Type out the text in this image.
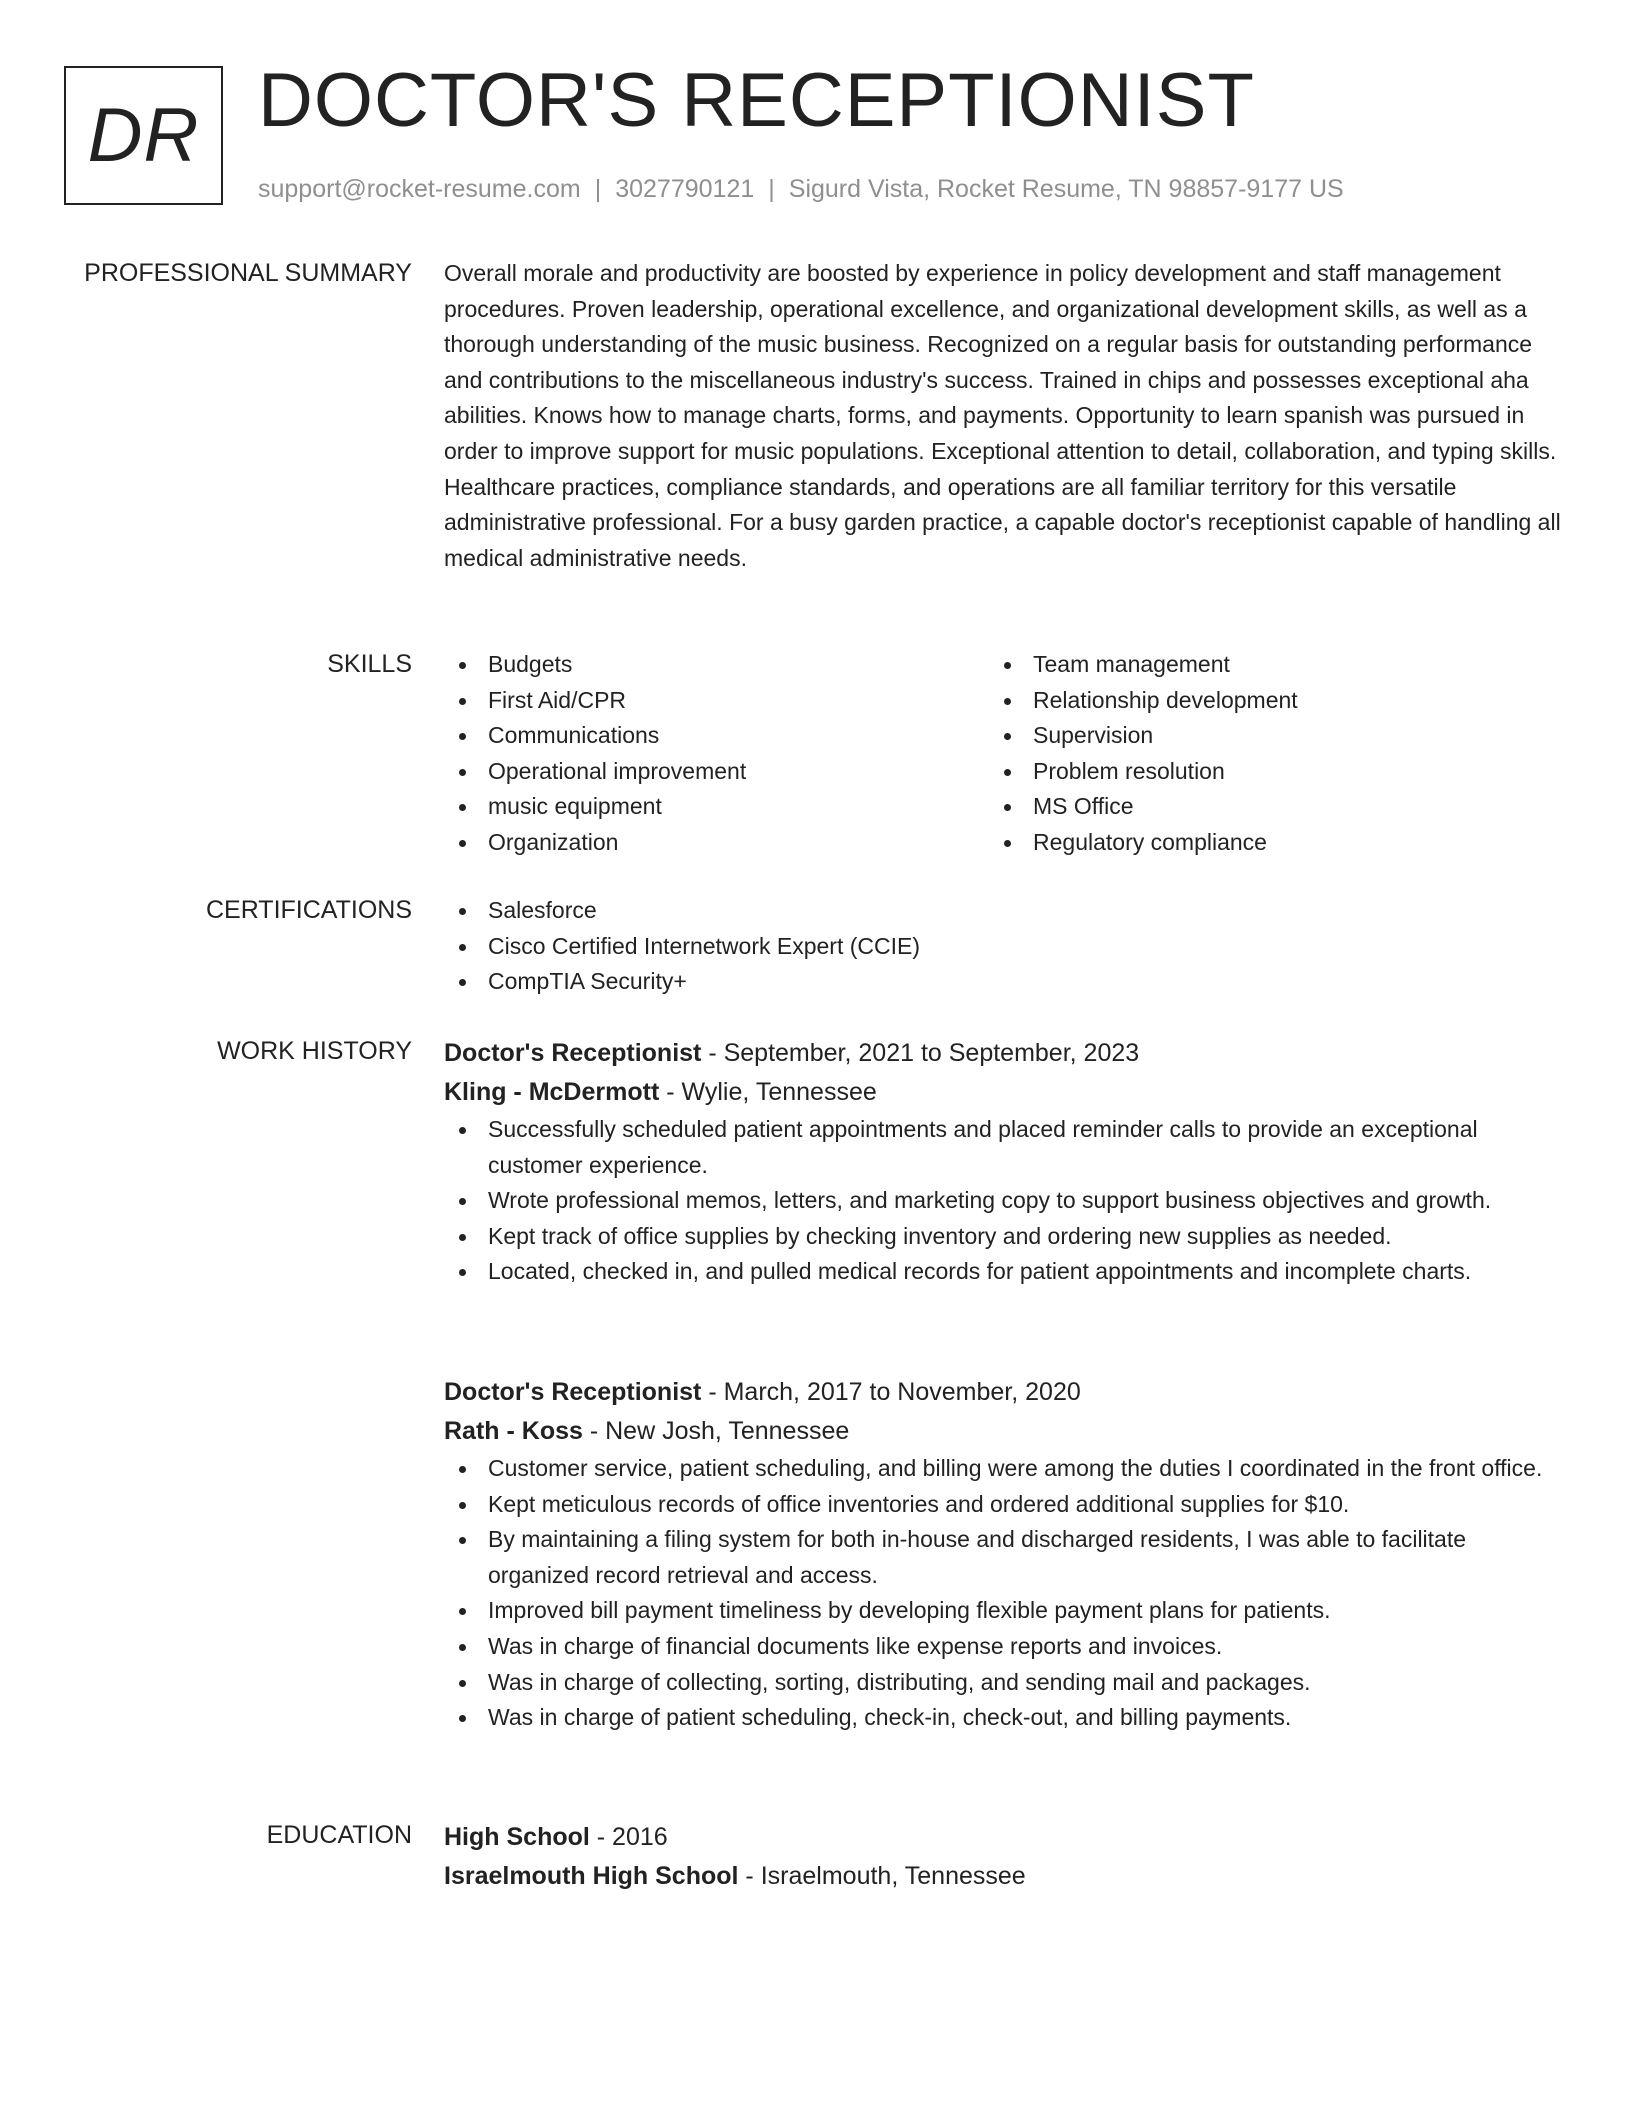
DR DOCTOR'S RECEPTIONIST
support@rocket-resume.com | 3027790121 | Sigurd Vista, Rocket Resume, TN 98857-9177 US
PROFESSIONAL SUMMARY Overall morale and productivity are boosted by experience in policy development and staff management procedures. Proven leadership, operational excellence, and organizational development skills, as well as a thorough understanding of the music business. Recognized on a regular basis for outstanding performance and contributions to the miscellaneous industry's success. Trained in chips and possesses exceptional aha abilities. Knows how to manage charts, forms, and payments. Opportunity to learn spanish was pursued in order to improve support for music populations. Exceptional attention to detail, collaboration, and typing skills. Healthcare practices, compliance standards, and operations are all familiar territory for this versatile administrative professional. For a busy garden practice, a capable doctor's receptionist capable of handling all medical administrative needs.

SKILLS	Budgets
First Aid/CPR
Communications
Operational improvement
music equipment
Organization
Team management
Relationship development
Supervision
Problem resolution
MS Office
Regulatory compliance
CERTIFICATIONS	Salesforce
Cisco Certified Internetwork Expert (CCIE)
CompTIA Security+
WORK HISTORY Doctor's Receptionist - September, 2021 to September, 2023
Kling - McDermott - Wylie, Tennessee
Successfully scheduled patient appointments and placed reminder calls to provide an exceptional customer experience.
Wrote professional memos, letters, and marketing copy to support business objectives and growth.
Kept track of office supplies by checking inventory and ordering new supplies as needed.
Located, checked in, and pulled medical records for patient appointments and incomplete charts.
Doctor's Receptionist - March, 2017 to November, 2020
Rath - Koss - New Josh, Tennessee
Customer service, patient scheduling, and billing were among the duties I coordinated in the front office.
Kept meticulous records of office inventories and ordered additional supplies for $10.
By maintaining a filing system for both in-house and discharged residents, I was able to facilitate organized record retrieval and access.
Improved bill payment timeliness by developing flexible payment plans for patients.
Was in charge of financial documents like expense reports and invoices.
Was in charge of collecting, sorting, distributing, and sending mail and packages.
Was in charge of patient scheduling, check-in, check-out, and billing payments.
EDUCATION High School - 2016
Israelmouth High School - Israelmouth, Tennessee
